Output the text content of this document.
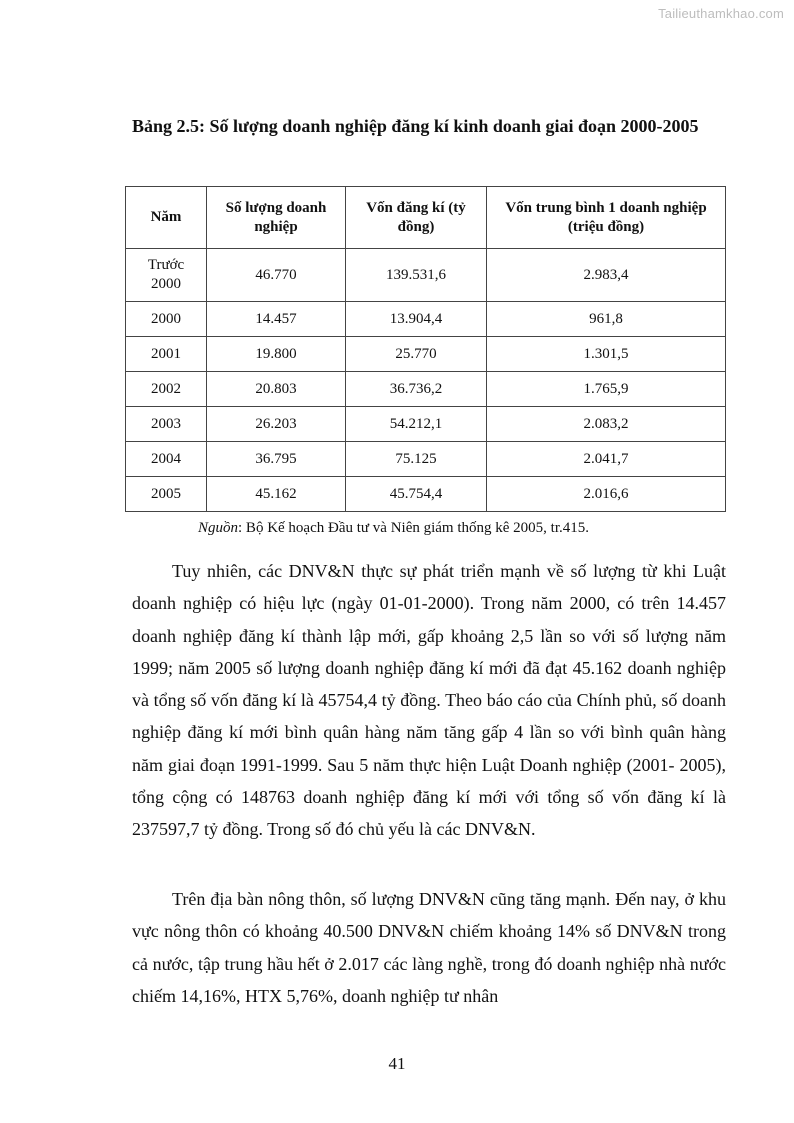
Tailieuthamkhao.com
Bảng 2.5: Số lượng doanh nghiệp đăng kí kinh doanh giai đoạn 2000-2005
Năm	Số lượng doanh nghiệp	Vốn đăng kí (tỷ đồng)	Vốn trung bình 1 doanh nghiệp (triệu đồng)
Trước 2000	46.770	139.531,6	2.983,4
2000	14.457	13.904,4	961,8
2001	19.800	25.770	1.301,5
2002	20.803	36.736,2	1.765,9
2003	26.203	54.212,1	2.083,2
2004	36.795	75.125	2.041,7
2005	45.162	45.754,4	2.016,6
Nguồn: Bộ Kế hoạch Đầu tư và Niên giám thống kê 2005, tr.415.

Tuy nhiên, các DNV&N thực sự phát triển mạnh về số lượng từ khi Luật doanh nghiệp có hiệu lực (ngày 01-01-2000). Trong năm 2000, có trên 14.457 doanh nghiệp đăng kí thành lập mới, gấp khoảng 2,5 lần so với số lượng năm 1999; năm 2005 số lượng doanh nghiệp đăng kí mới đã đạt 45.162 doanh nghiệp và tổng số vốn đăng kí là 45754,4 tỷ đồng. Theo báo cáo của Chính phủ, số doanh nghiệp đăng kí mới bình quân hàng năm tăng gấp 4 lần so với bình quân hàng năm giai đoạn 1991-1999. Sau 5 năm thực hiện Luật Doanh nghiệp (2001- 2005), tổng cộng có 148763 doanh nghiệp đăng kí mới với tổng số vốn đăng kí là 237597,7 tỷ đồng. Trong số đó chủ yếu là các DNV&N.

Trên địa bàn nông thôn, số lượng DNV&N cũng tăng mạnh. Đến nay, ở khu vực nông thôn có khoảng 40.500 DNV&N chiếm khoảng 14% số DNV&N trong cả nước, tập trung hầu hết ở 2.017 các làng nghề, trong đó doanh nghiệp nhà nước chiếm 14,16%, HTX 5,76%, doanh nghiệp tư nhân

41
